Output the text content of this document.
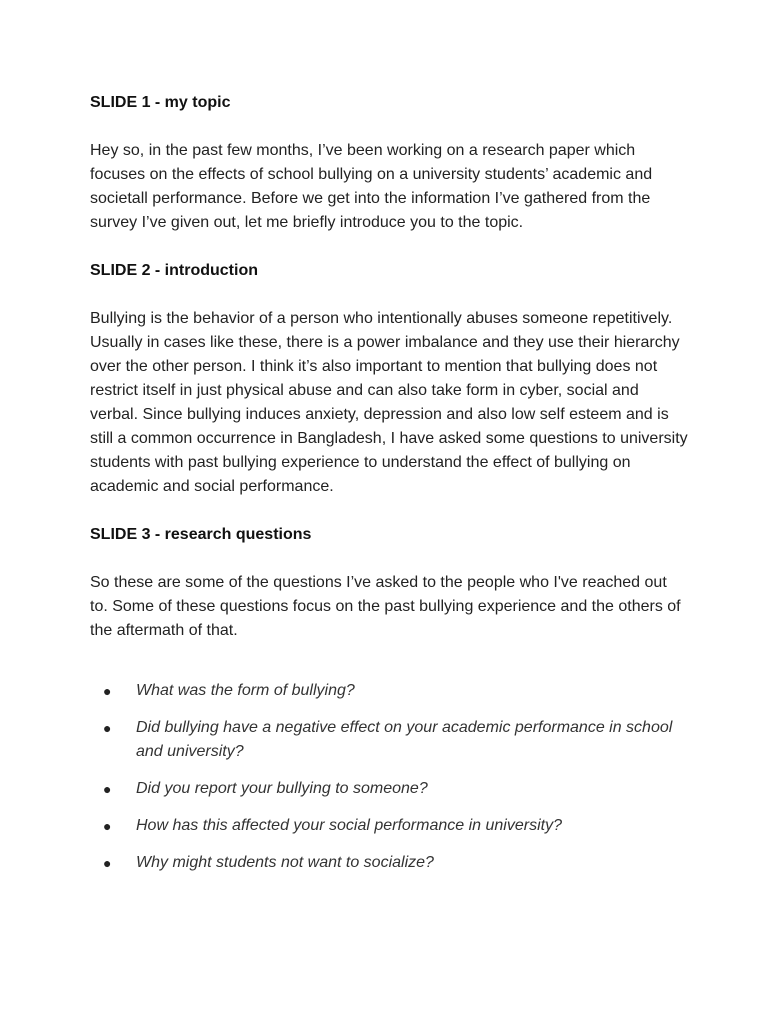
SLIDE 1 - my topic

Hey so, in the past few months, I’ve been working on a research paper which focuses on the effects of school bullying on a university students’ academic and societall performance. Before we get into the information I’ve gathered from the survey I’ve given out, let me briefly introduce you to the topic.

SLIDE 2 - introduction

Bullying is the behavior of a person who intentionally abuses someone repetitively. Usually in cases like these, there is a power imbalance and they use their hierarchy over the other person. I think it’s also important to mention that bullying does not restrict itself in just physical abuse and can also take form in cyber, social and verbal. Since bullying induces anxiety, depression and also low self esteem and is still a common occurrence in Bangladesh, I have asked some questions to university students with past bullying experience to understand the effect of bullying on academic and social performance.

SLIDE 3 - research questions

So these are some of the questions I’ve asked to the people who I've reached out to. Some of these questions focus on the past bullying experience and the others of the aftermath of that.

● What was the form of bullying?
● Did bullying have a negative effect on your academic performance in school and university?
● Did you report your bullying to someone?
● How has this affected your social performance in university?
● Why might students not want to socialize?
